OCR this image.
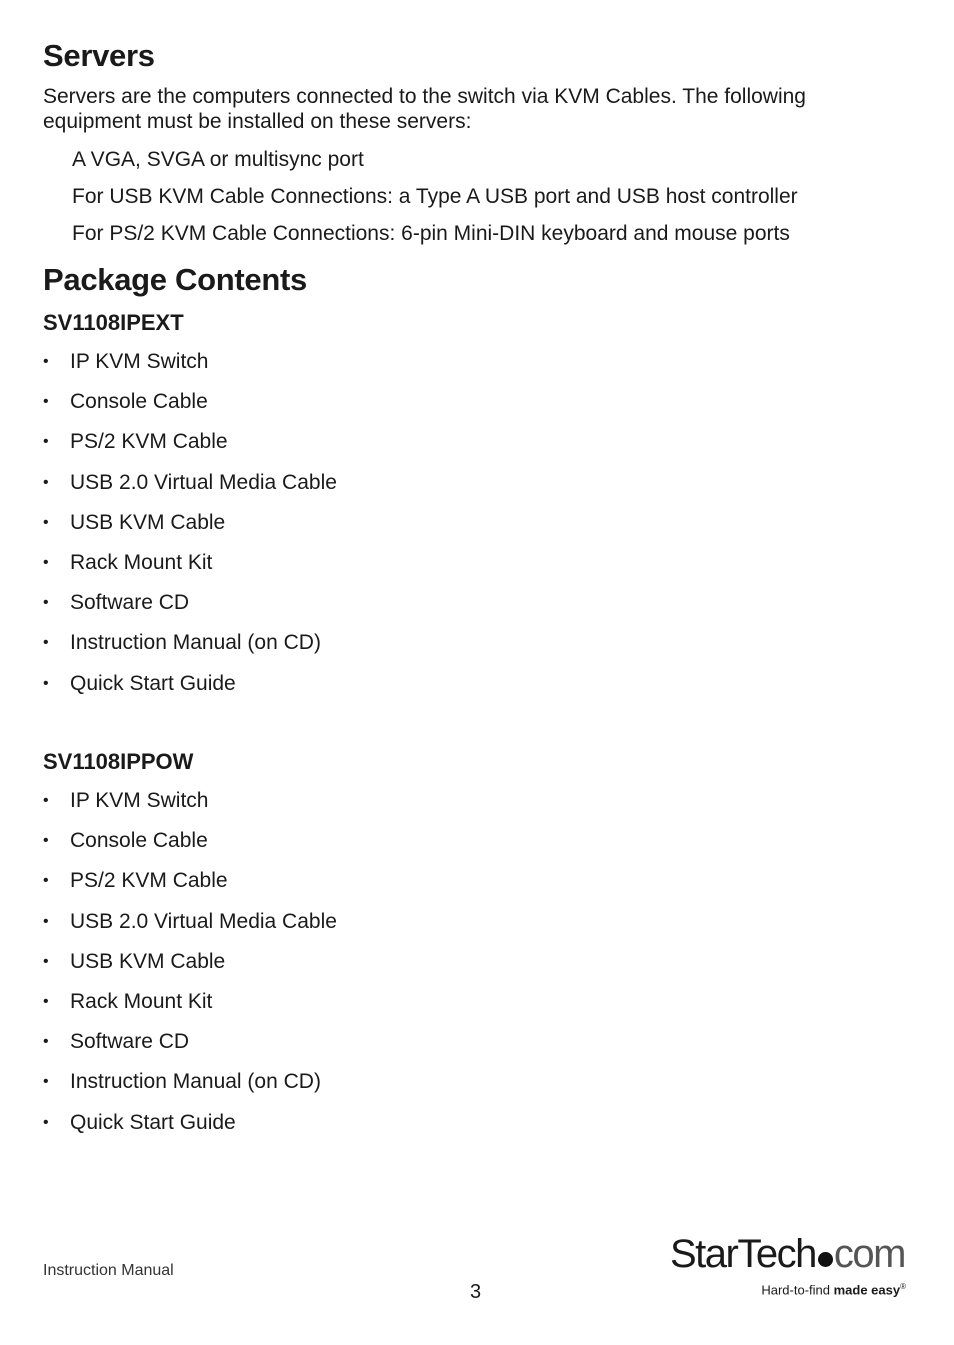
Servers

Servers are the computers connected to the switch via KVM Cables. The following equipment must be installed on these servers:

A VGA, SVGA or multisync port

For USB KVM Cable Connections: a Type A USB port and USB host controller

For PS/2 KVM Cable Connections: 6-pin Mini-DIN keyboard and mouse ports

Package Contents
SV1108IPEXT
• IP KVM Switch
• Console Cable
• PS/2 KVM Cable
• USB 2.0 Virtual Media Cable
• USB KVM Cable
• Rack Mount Kit
• Software CD
• Instruction Manual (on CD)
• Quick Start Guide
SV1108IPPOW
• IP KVM Switch
• Console Cable
• PS/2 KVM Cable
• USB 2.0 Virtual Media Cable
• USB KVM Cable
• Rack Mount Kit
• Software CD
• Instruction Manual (on CD)
• Quick Start Guide
Instruction Manual
3
StarTech com
Hard-to-find made easy®
